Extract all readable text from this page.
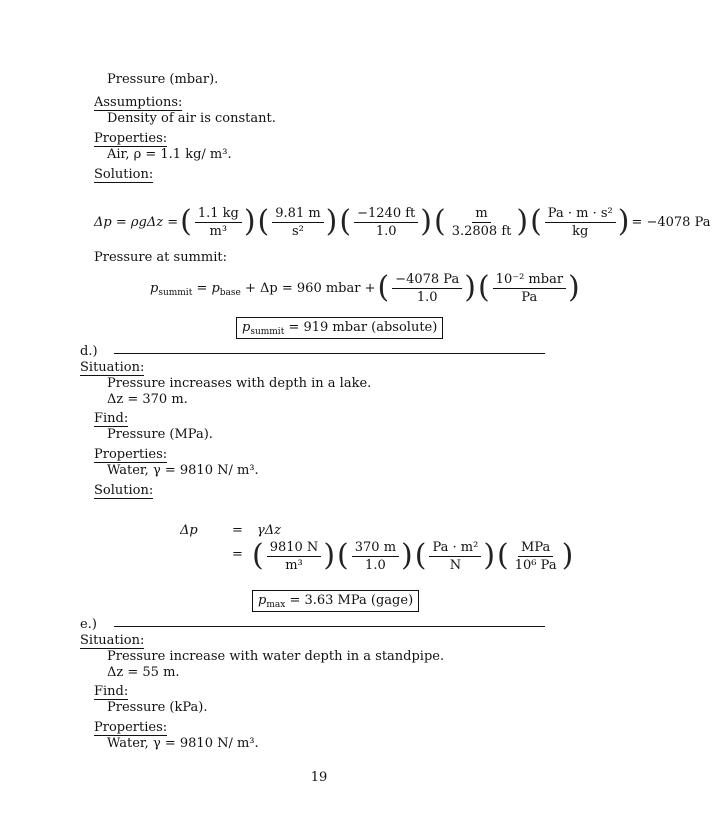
Pressure (mbar).
Assumptions:
Density of air is constant.
Properties:
Air, ρ = 1.1 kg/ m³.
Solution:
Δp = ρgΔz = ( $\frac{1.1 kg}{\text{m³}}$ ) ( $\frac{9.81 m}{\text{s²}}$ ) ( $\frac{-1240 ft}{1.0}$ ) ( $\frac{m}{3.2808 ft}$ ) ( $\frac{\text{Pa · m · s²}}{kg}$ ) = −4078 Pa
Pressure at summit:
$p_{summit} = p_{base} + \Delta p = 960$ mbar + ( $\frac{-4078 Pa}{1.0}$ ) ( $\frac{\text{10⁻² mbar}}{Pa}$ )
$p_{summit} = 919$ mbar (absolute)
d.)
Situation:
Pressure increases with depth in a lake.
Δz = 370 m.
Find:
Pressure (MPa).
Properties:
Water, γ = 9810 N/ m³.
Solution:
Δp	= γΔz
= ( $\frac{9810 N}{\text{m³}}$ ) ( $\frac{370 m}{1.0}$ ) ( $\frac{\text{Pa · m²}}{N}$ ) ( $\frac{\text{MPa}}{\text{10⁶ Pa}}$ )
$p_{max} = 3.63$ MPa (gage)
e.)
Situation:
Pressure increase with water depth in a standpipe.
Δz = 55 m.
Find:
Pressure (kPa).
Properties:
Water, γ = 9810 N/ m³.
19
